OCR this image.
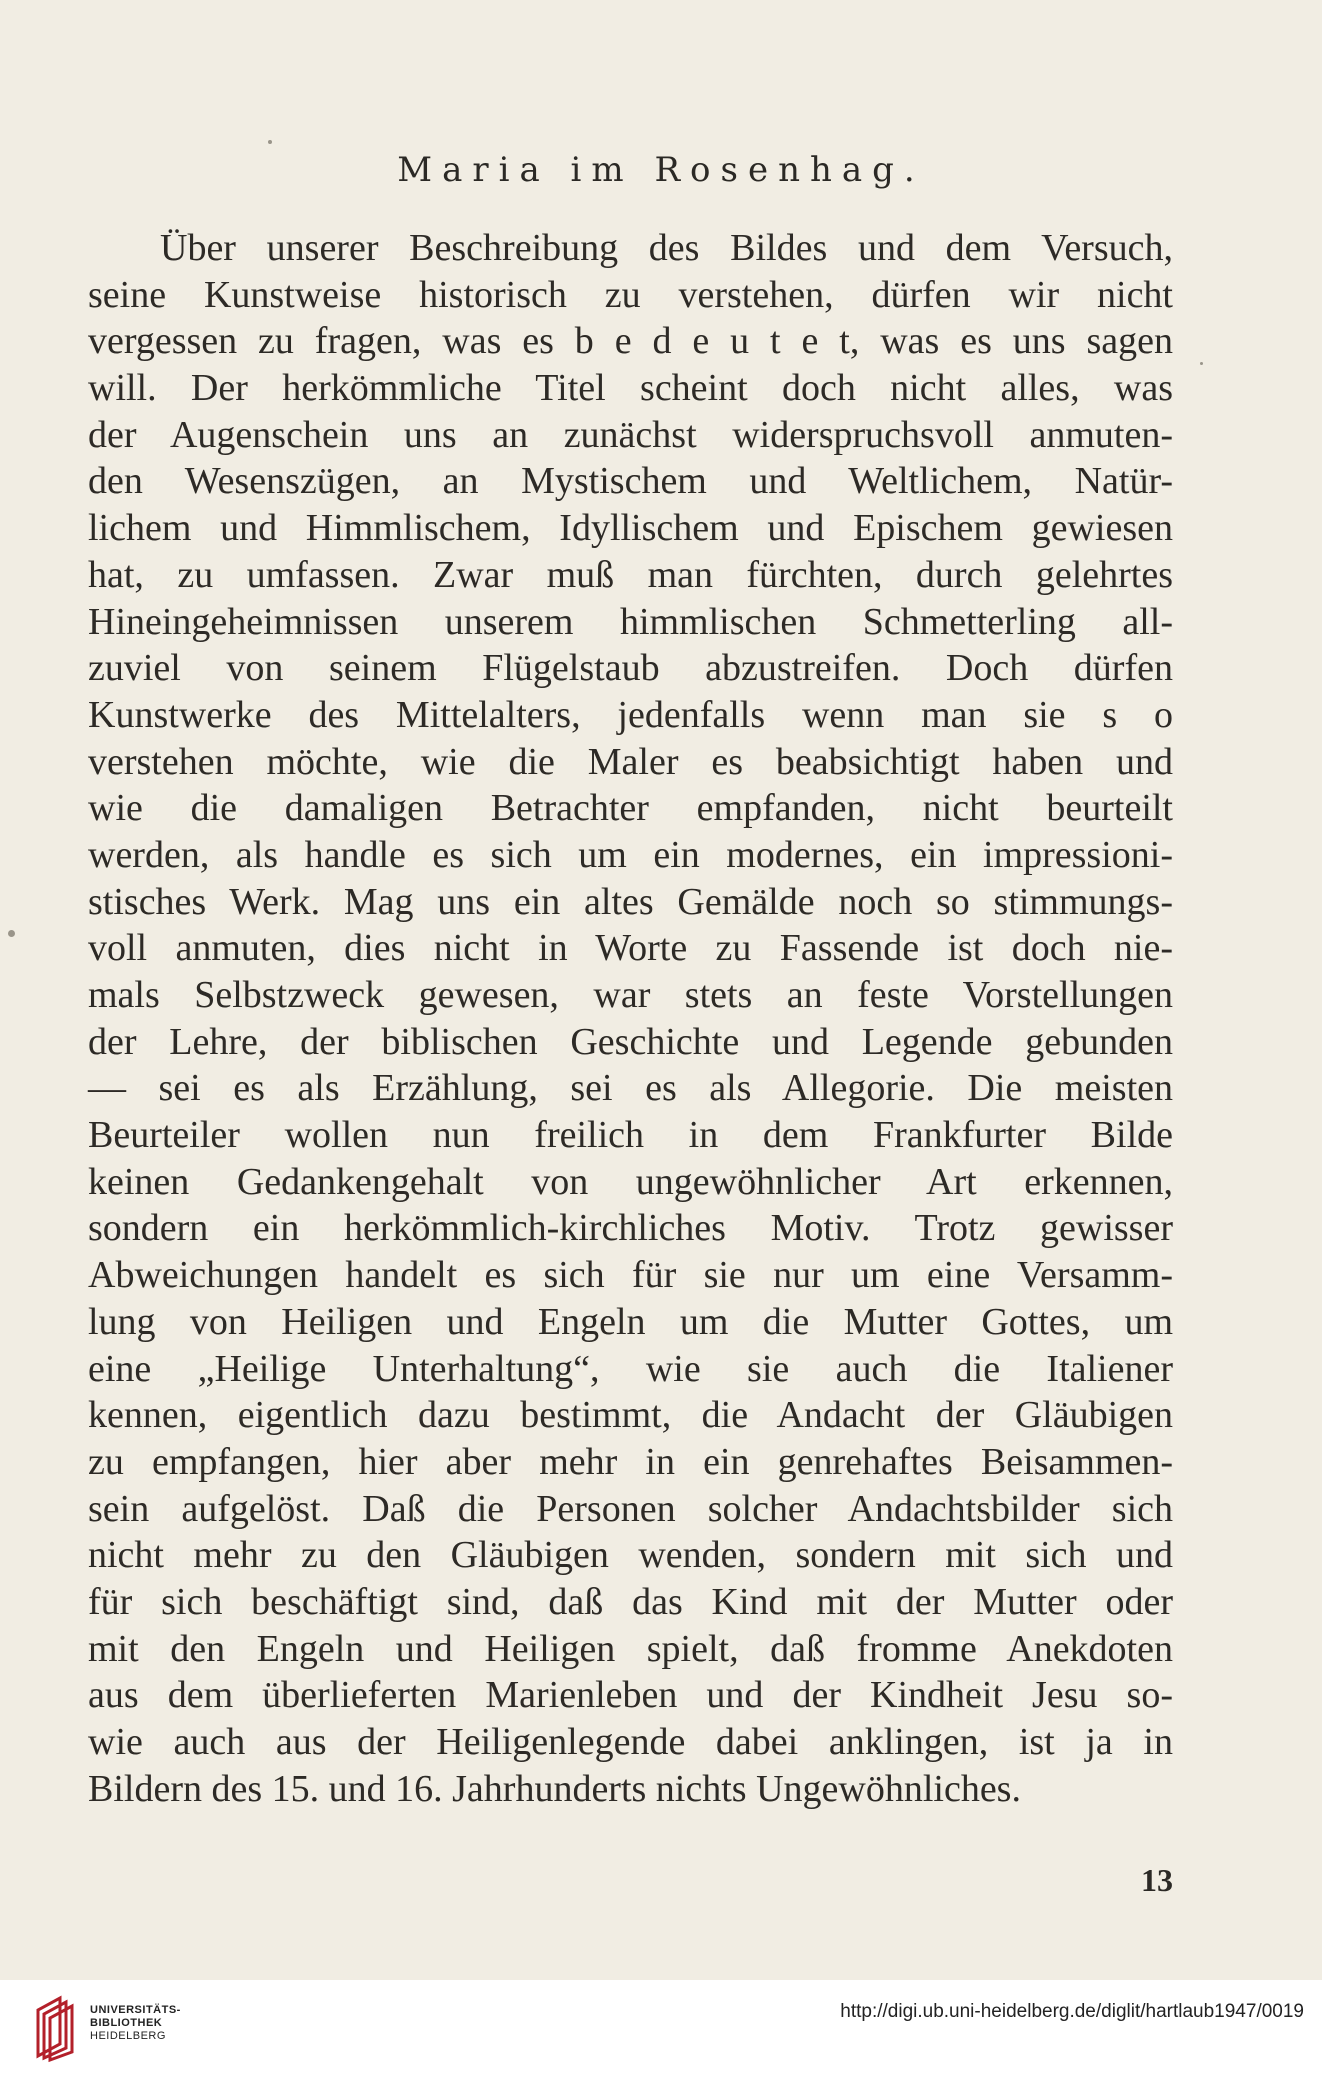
Maria im Rosenhag.
Über unserer Beschreibung des Bildes und dem Versuch,
seine Kunstweise historisch zu verstehen, dürfen wir nicht
vergessen zu fragen, was es b e d e u t e t, was es uns sagen
will. Der herkömmliche Titel scheint doch nicht alles, was
der Augenschein uns an zunächst widerspruchsvoll anmuten-
den Wesenszügen, an Mystischem und Weltlichem, Natür-
lichem und Himmlischem, Idyllischem und Epischem gewiesen
hat, zu umfassen. Zwar muß man fürchten, durch gelehrtes
Hineingeheimnissen unserem himmlischen Schmetterling all-
zuviel von seinem Flügelstaub abzustreifen. Doch dürfen
Kunstwerke des Mittelalters, jedenfalls wenn man sie s o
verstehen möchte, wie die Maler es beabsichtigt haben und
wie die damaligen Betrachter empfanden, nicht beurteilt
werden, als handle es sich um ein modernes, ein impressioni-
stisches Werk. Mag uns ein altes Gemälde noch so stimmungs-
voll anmuten, dies nicht in Worte zu Fassende ist doch nie-
mals Selbstzweck gewesen, war stets an feste Vorstellungen
der Lehre, der biblischen Geschichte und Legende gebunden
— sei es als Erzählung, sei es als Allegorie. Die meisten
Beurteiler wollen nun freilich in dem Frankfurter Bilde
keinen Gedankengehalt von ungewöhnlicher Art erkennen,
sondern ein herkömmlich-kirchliches Motiv. Trotz gewisser
Abweichungen handelt es sich für sie nur um eine Versamm-
lung von Heiligen und Engeln um die Mutter Gottes, um
eine „Heilige Unterhaltung“, wie sie auch die Italiener
kennen, eigentlich dazu bestimmt, die Andacht der Gläubigen
zu empfangen, hier aber mehr in ein genrehaftes Beisammen-
sein aufgelöst. Daß die Personen solcher Andachtsbilder sich
nicht mehr zu den Gläubigen wenden, sondern mit sich und
für sich beschäftigt sind, daß das Kind mit der Mutter oder
mit den Engeln und Heiligen spielt, daß fromme Anekdoten
aus dem überlieferten Marienleben und der Kindheit Jesu so-
wie auch aus der Heiligenlegende dabei anklingen, ist ja in
Bildern des 15. und 16. Jahrhunderts nichts Ungewöhnliches.
13
UNIVERSITÄTS-
BIBLIOTHEK
HEIDELBERG
http://digi.ub.uni-heidelberg.de/diglit/hartlaub1947/0019
